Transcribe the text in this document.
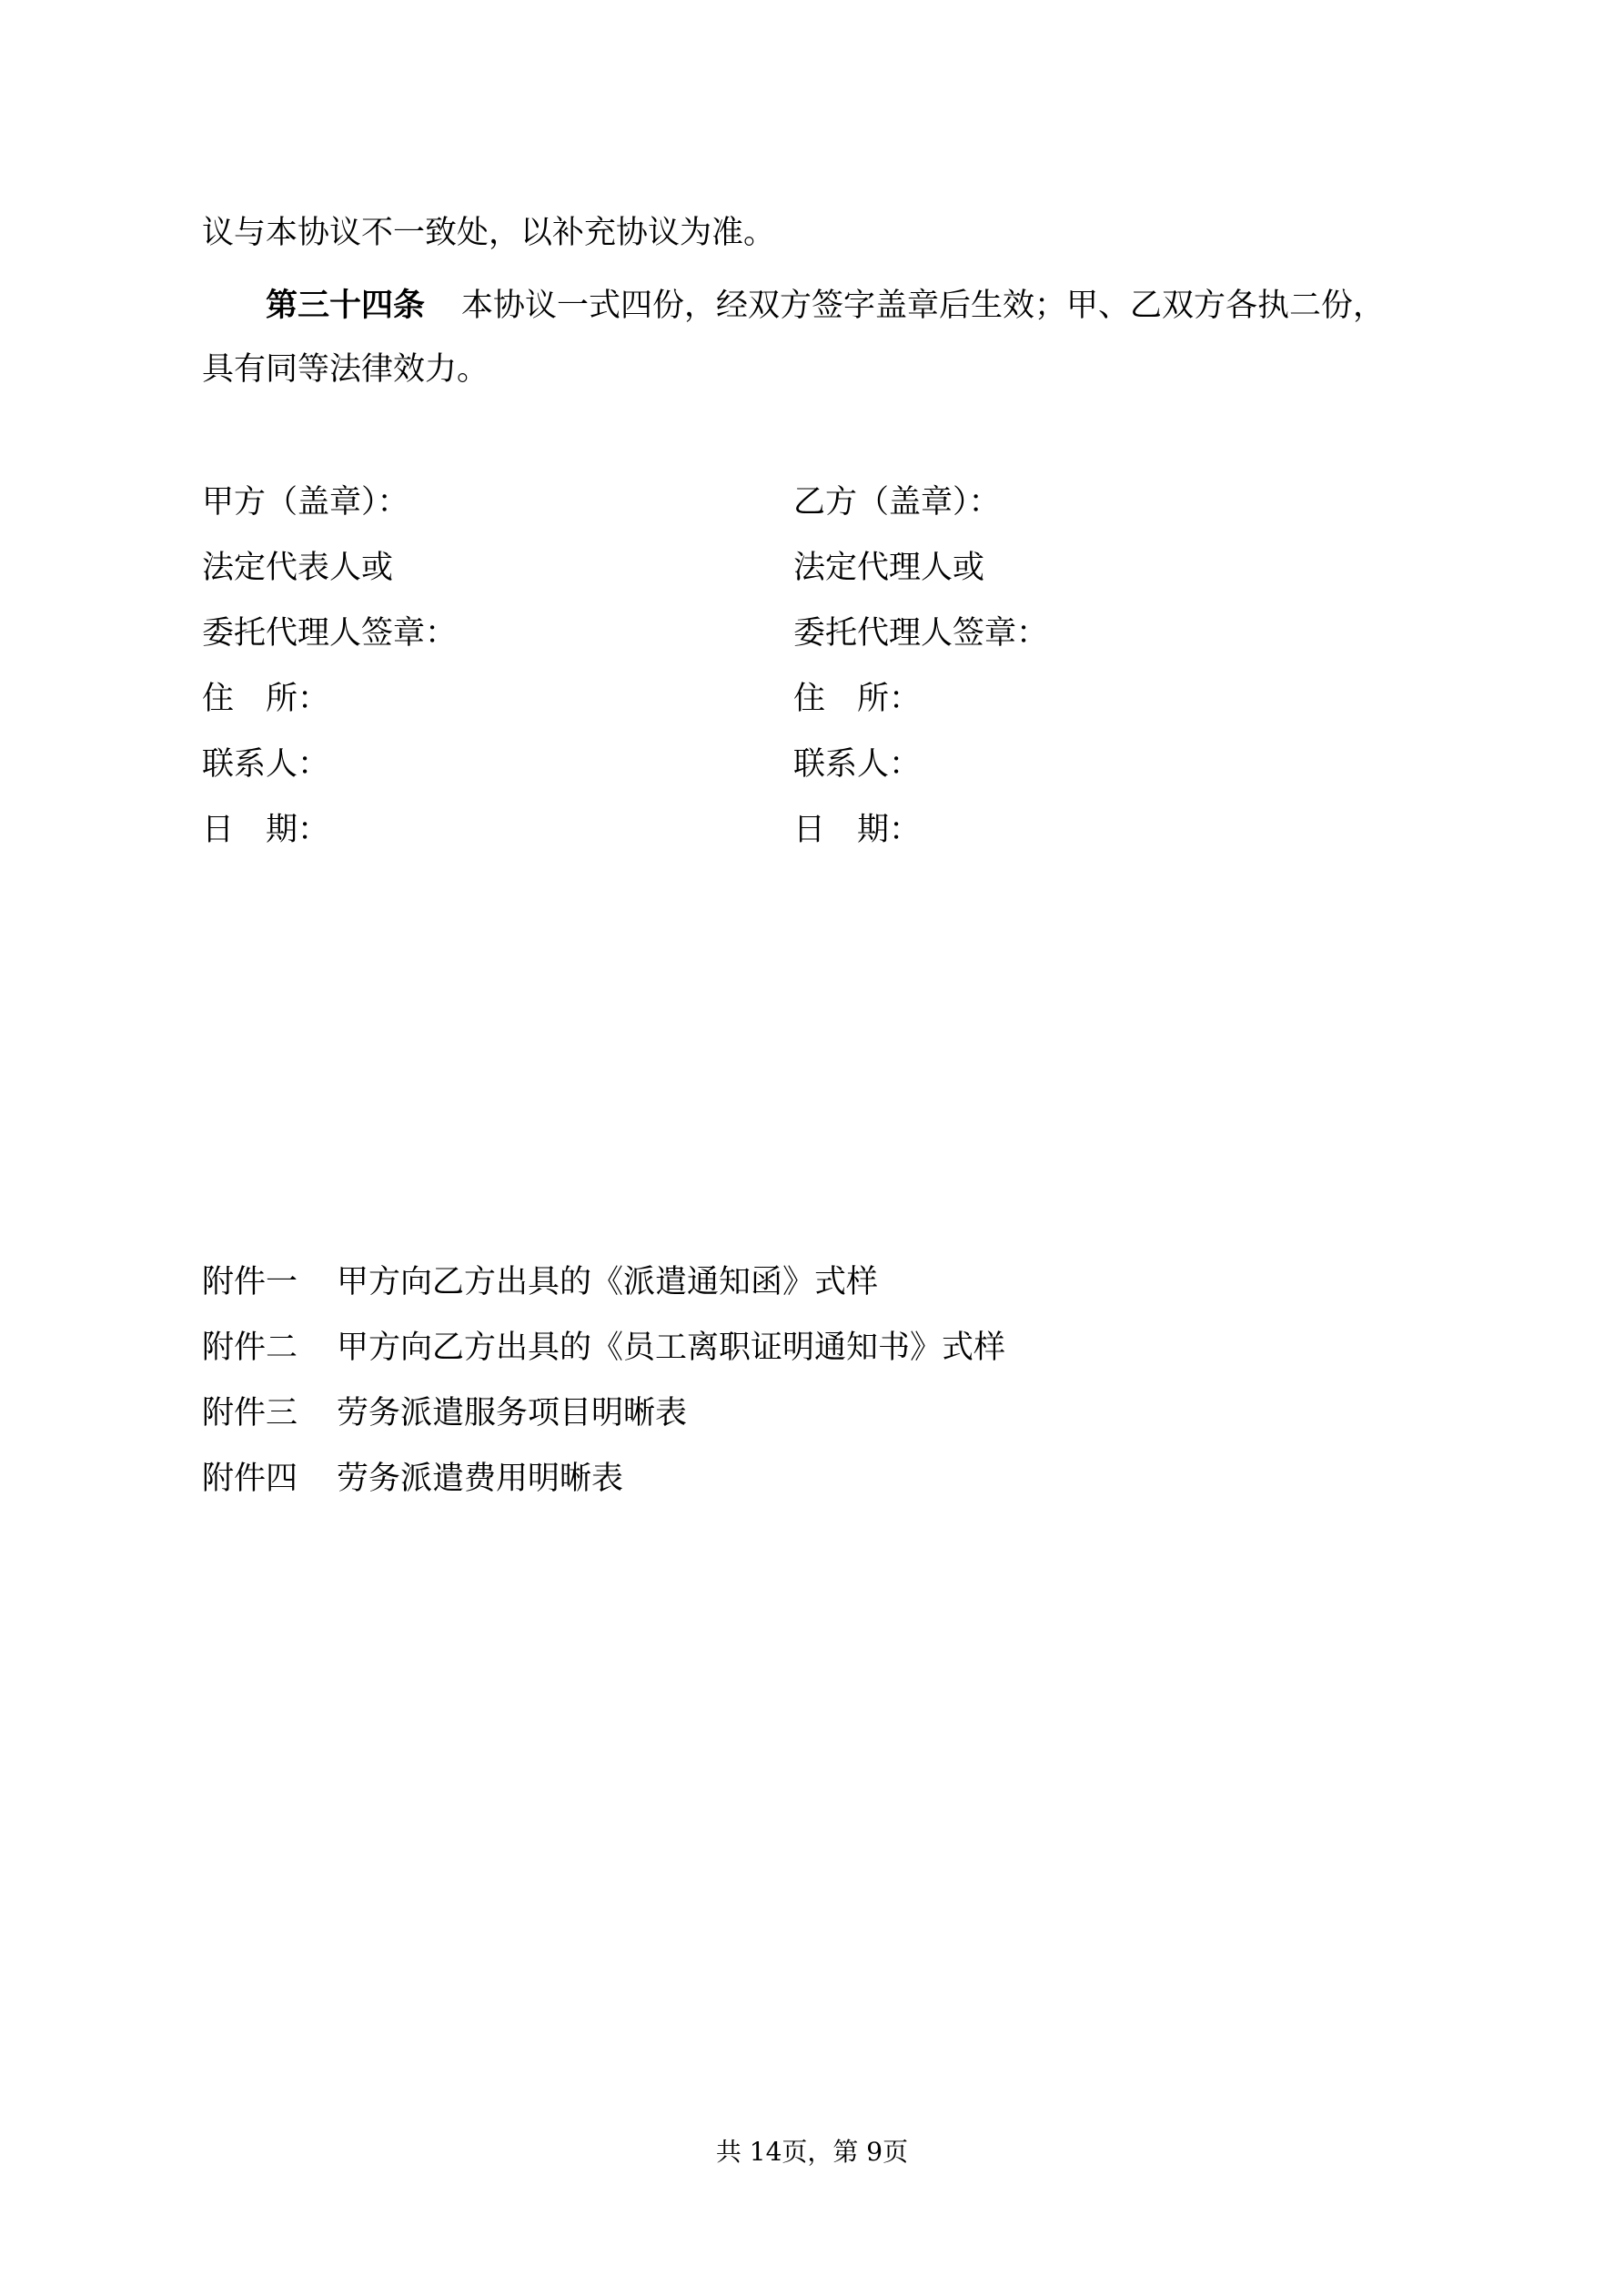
议与本协议不一致处，以补充协议为准。
第三十四条 本协议一式四份，经双方签字盖章后生效；甲、乙双方各执二份，
具有同等法律效力。
甲方（盖章）：
法定代表人或
委托代理人签章：
住　所：
联系人：
日　期：
乙方（盖章）：
法定代理人或
委托代理人签章：
住　所：
联系人：
日　期：
附件一 甲方向乙方出具的《派遣通知函》式样
附件二 甲方向乙方出具的《员工离职证明通知书》式样
附件三 劳务派遣服务项目明晰表
附件四 劳务派遣费用明晰表
共 14页，第 9页
